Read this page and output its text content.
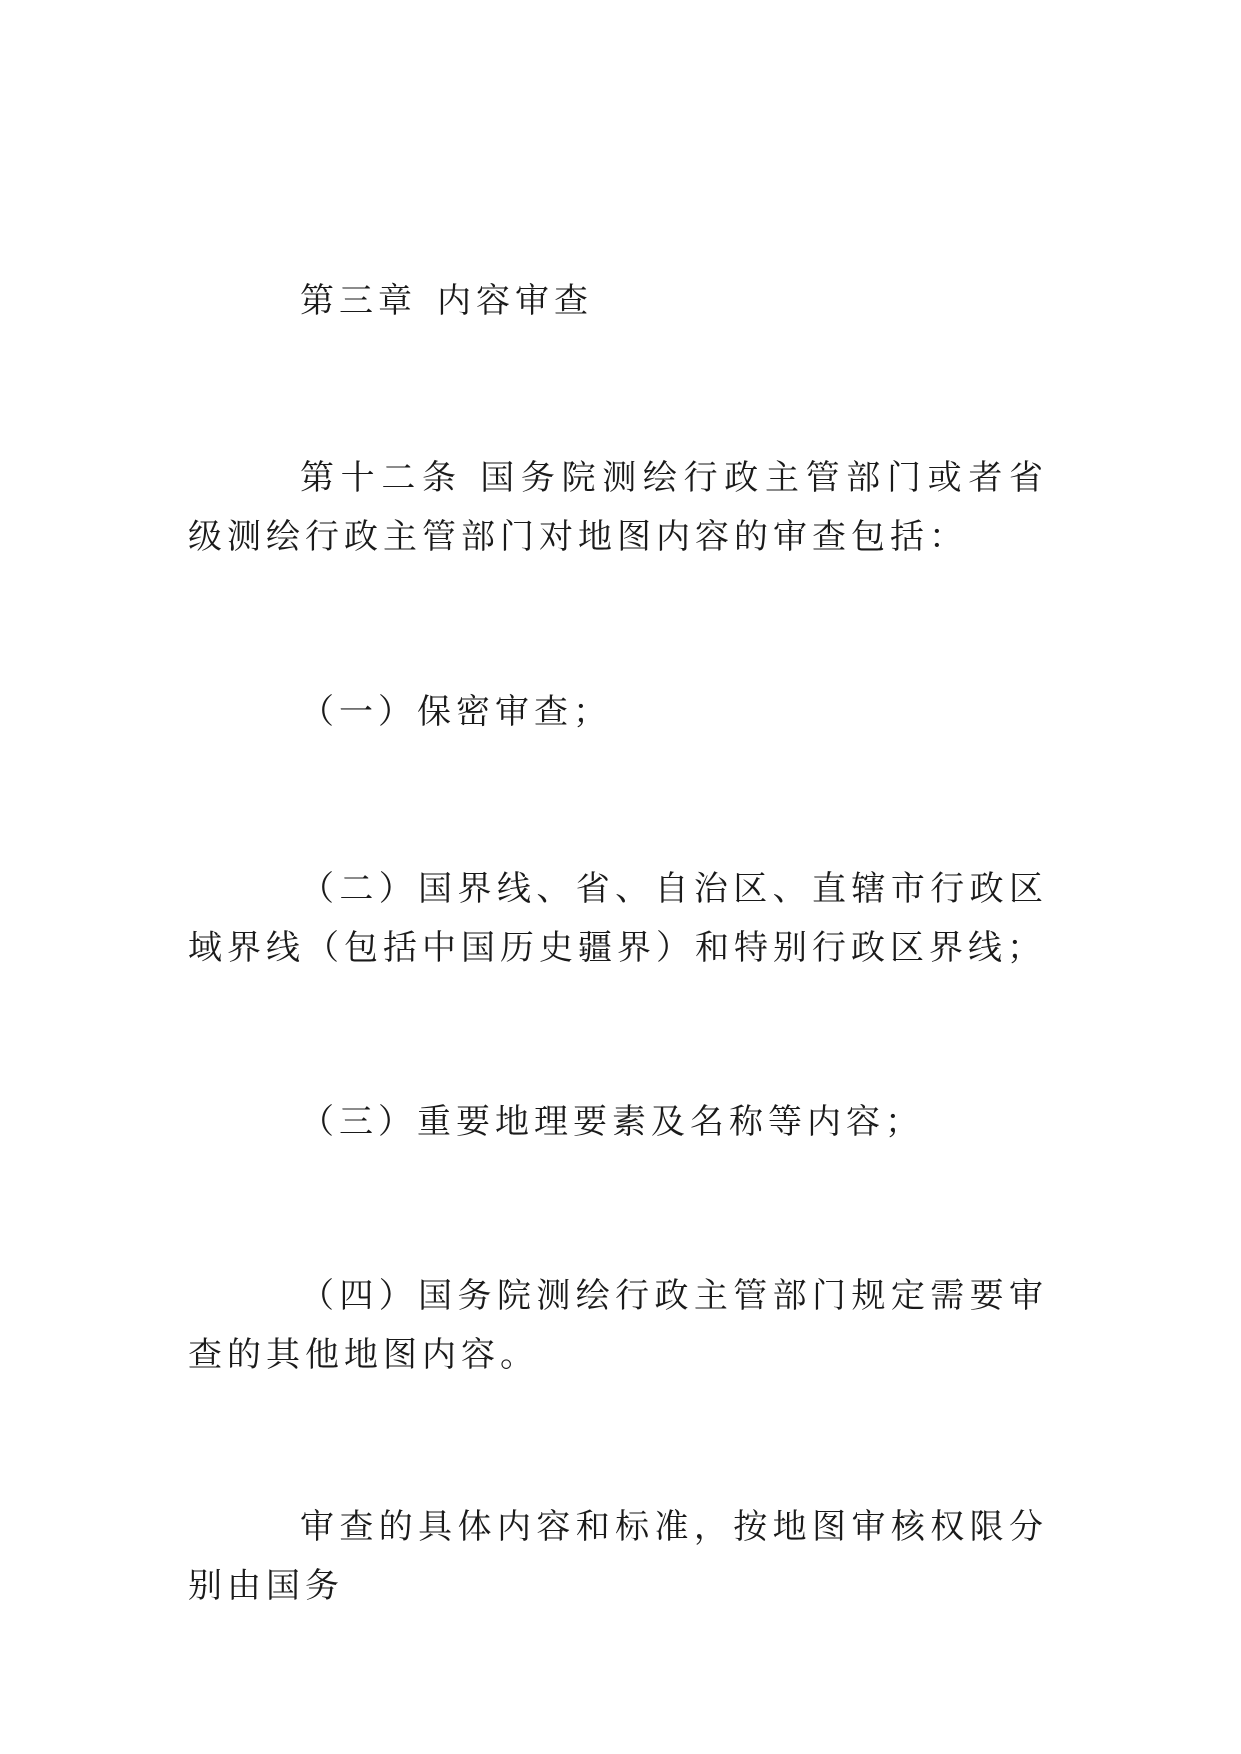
第三章 内容审查

第十二条 国务院测绘行政主管部门或者省级测绘行政主管部门对地图内容的审查包括：

（一）保密审查；

（二）国界线、省、自治区、直辖市行政区域界线（包括中国历史疆界）和特别行政区界线；

（三）重要地理要素及名称等内容；

（四）国务院测绘行政主管部门规定需要审查的其他地图内容。

审查的具体内容和标准，按地图审核权限分别由国务
